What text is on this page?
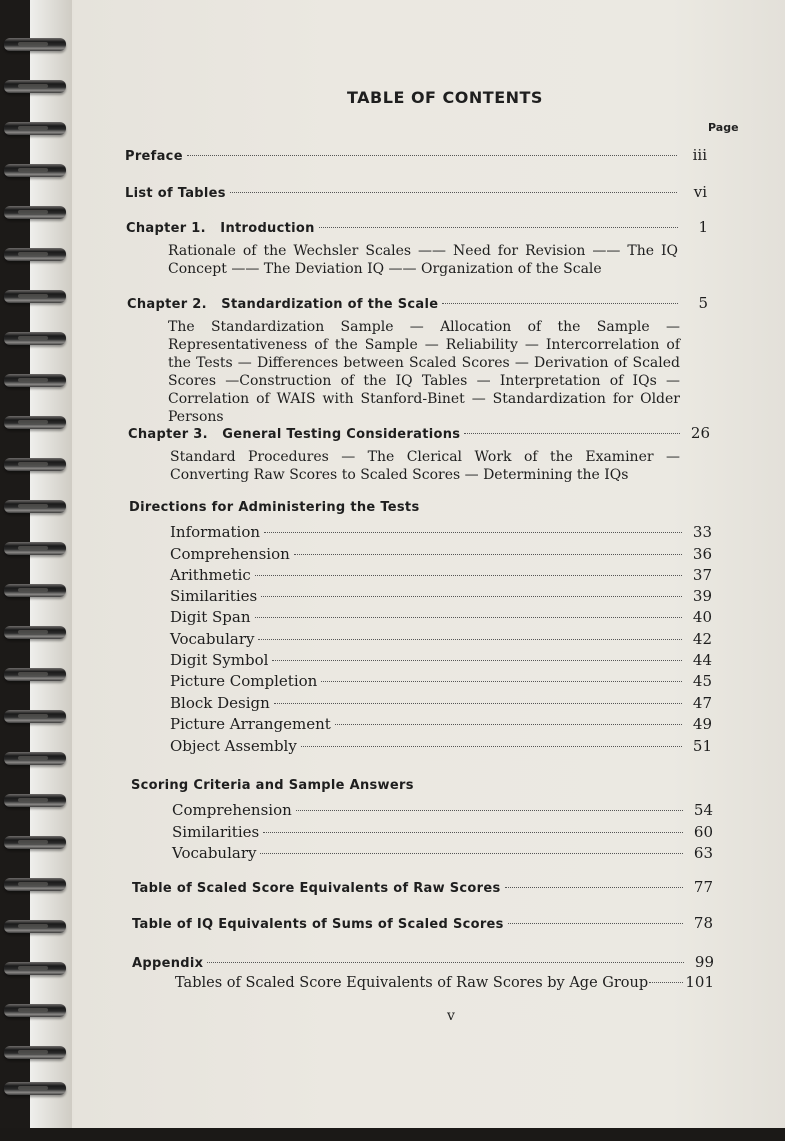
TABLE OF CONTENTS
Page
Preface	iii
List of Tables	vi
Chapter 1.   Introduction	1
Rationale of the Wechsler Scales —— Need for Revision —— The IQ Concept —— The Deviation IQ —— Organization of the Scale
Chapter 2.   Standardization of the Scale	5
The Standardization Sample — Allocation of the Sample — Representativeness of the Sample — Reliability — Intercorrelation of the Tests — Differences between Scaled Scores — Derivation of Scaled Scores —Construction of the IQ Tables — Interpretation of IQs — Correlation of WAIS with Stanford-Binet — Standardization for Older Persons
Chapter 3.   General Testing Considerations	26
Standard Procedures — The Clerical Work of the Examiner — Converting Raw Scores to Scaled Scores — Determining the IQs
Directions for Administering the Tests
Information	33
Comprehension	36
Arithmetic	37
Similarities	39
Digit Span	40
Vocabulary	42
Digit Symbol	44
Picture Completion	45
Block Design	47
Picture Arrangement	49
Object Assembly	51
Scoring Criteria and Sample Answers
Comprehension	54
Similarities	60
Vocabulary	63
Table of Scaled Score Equivalents of Raw Scores	77
Table of IQ Equivalents of Sums of Scaled Scores	78
Appendix	99
Tables of Scaled Score Equivalents of Raw Scores by Age Group 101
v
